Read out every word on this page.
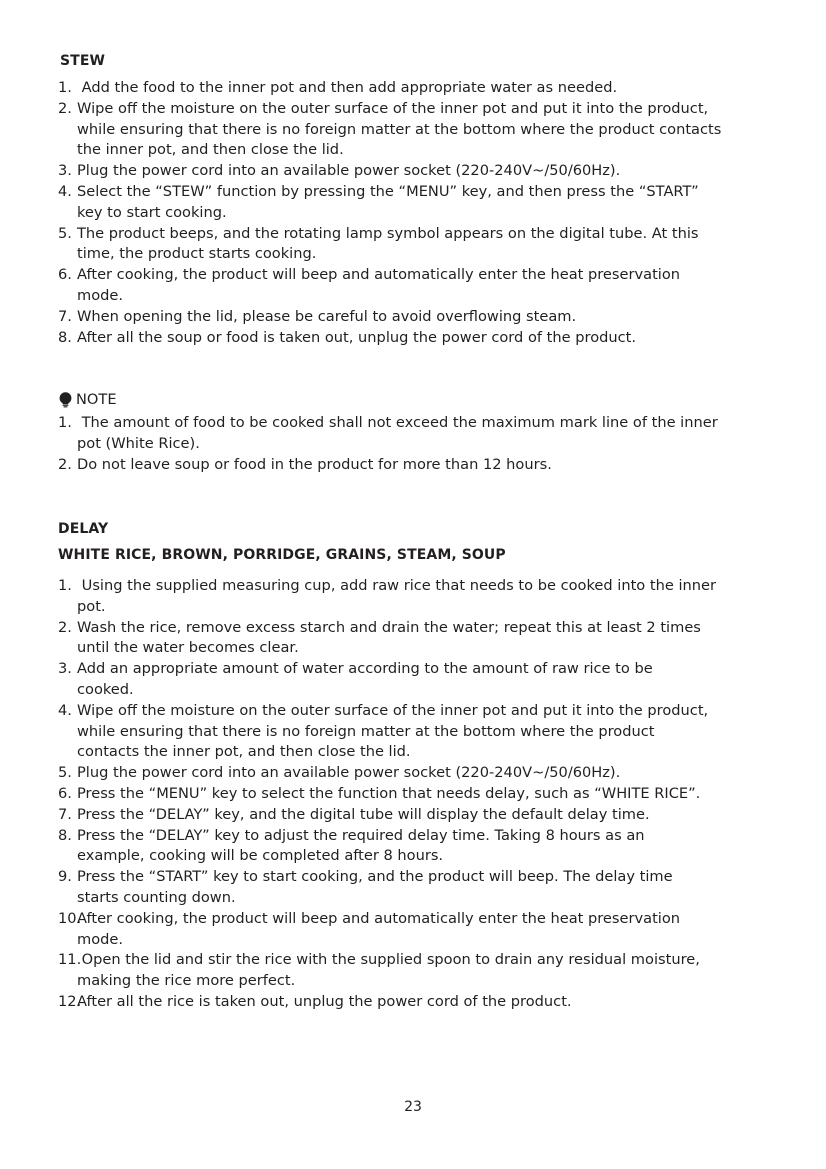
STEW
1. Add the food to the inner pot and then add appropriate water as needed.
2. Wipe off the moisture on the outer surface of the inner pot and put it into the product,
while ensuring that there is no foreign matter at the bottom where the product contacts
the inner pot, and then close the lid.
3. Plug the power cord into an available power socket (220-240V~/50/60Hz).
4. Select the “STEW” function by pressing the “MENU” key, and then press the “START”
key to start cooking.
5. The product beeps, and the rotating lamp symbol appears on the digital tube. At this
time, the product starts cooking.
6. After cooking, the product will beep and automatically enter the heat preservation
mode.
7. When opening the lid, please be careful to avoid overflowing steam.
8. After all the soup or food is taken out, unplug the power cord of the product.
NOTE
1. The amount of food to be cooked shall not exceed the maximum mark line of the inner
pot (White Rice).
2. Do not leave soup or food in the product for more than 12 hours.
DELAY
WHITE RICE, BROWN, PORRIDGE, GRAINS, STEAM, SOUP
1. Using the supplied measuring cup, add raw rice that needs to be cooked into the inner
pot.
2. Wash the rice, remove excess starch and drain the water; repeat this at least 2 times
until the water becomes clear.
3. Add an appropriate amount of water according to the amount of raw rice to be
cooked.
4. Wipe off the moisture on the outer surface of the inner pot and put it into the product,
while ensuring that there is no foreign matter at the bottom where the product
contacts the inner pot, and then close the lid.
5. Plug the power cord into an available power socket (220-240V~/50/60Hz).
6. Press the “MENU” key to select the function that needs delay, such as “WHITE RICE”.
7. Press the “DELAY” key, and the digital tube will display the default delay time.
8. Press the “DELAY” key to adjust the required delay time. Taking 8 hours as an
example, cooking will be completed after 8 hours.
9. Press the “START” key to start cooking, and the product will beep. The delay time
starts counting down.
10.
After cooking, the product will beep and automatically enter the heat preservation
mode.
11.
Open the lid and stir the rice with the supplied spoon to drain any residual moisture,
making the rice more perfect.
12.
After all the rice is taken out, unplug the power cord of the product.
23
